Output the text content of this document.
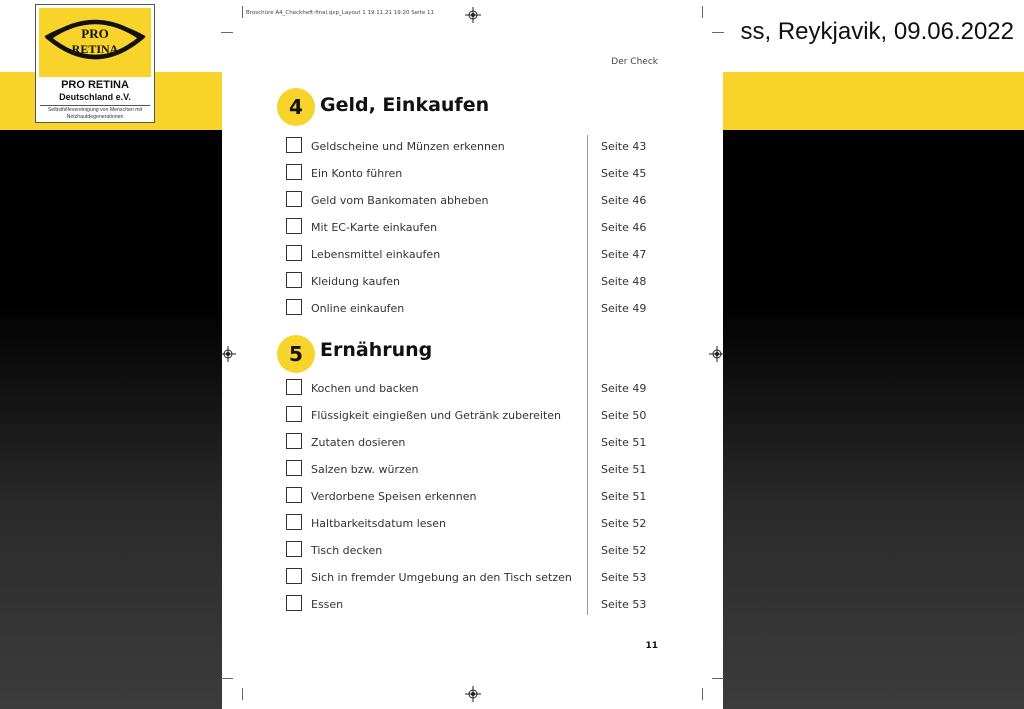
ss, Reykjavik, 09.06.2022
PRO
RETINA
PRO RETINA
Deutschland e.V.
Selbsthilfevereinigung von Menschen mit Netzhautdegenerationen
Broschüre A4_Checkheft-final.qxp_Layout 1 19.11.21 19:20 Seite 11
Der Check
4 Geld, Einkaufen
Geldscheine und Münzen erkennen	Seite 43
Ein Konto führen	Seite 45
Geld vom Bankomaten abheben	Seite 46
Mit EC-Karte einkaufen	Seite 46
Lebensmittel einkaufen	Seite 47
Kleidung kaufen	Seite 48
Online einkaufen	Seite 49
5 Ernährung
Kochen und backen	Seite 49
Flüssigkeit eingießen und Getränk zubereiten	Seite 50
Zutaten dosieren	Seite 51
Salzen bzw. würzen	Seite 51
Verdorbene Speisen erkennen	Seite 51
Haltbarkeitsdatum lesen	Seite 52
Tisch decken	Seite 52
Sich in fremder Umgebung an den Tisch setzen	Seite 53
Essen	Seite 53
11
